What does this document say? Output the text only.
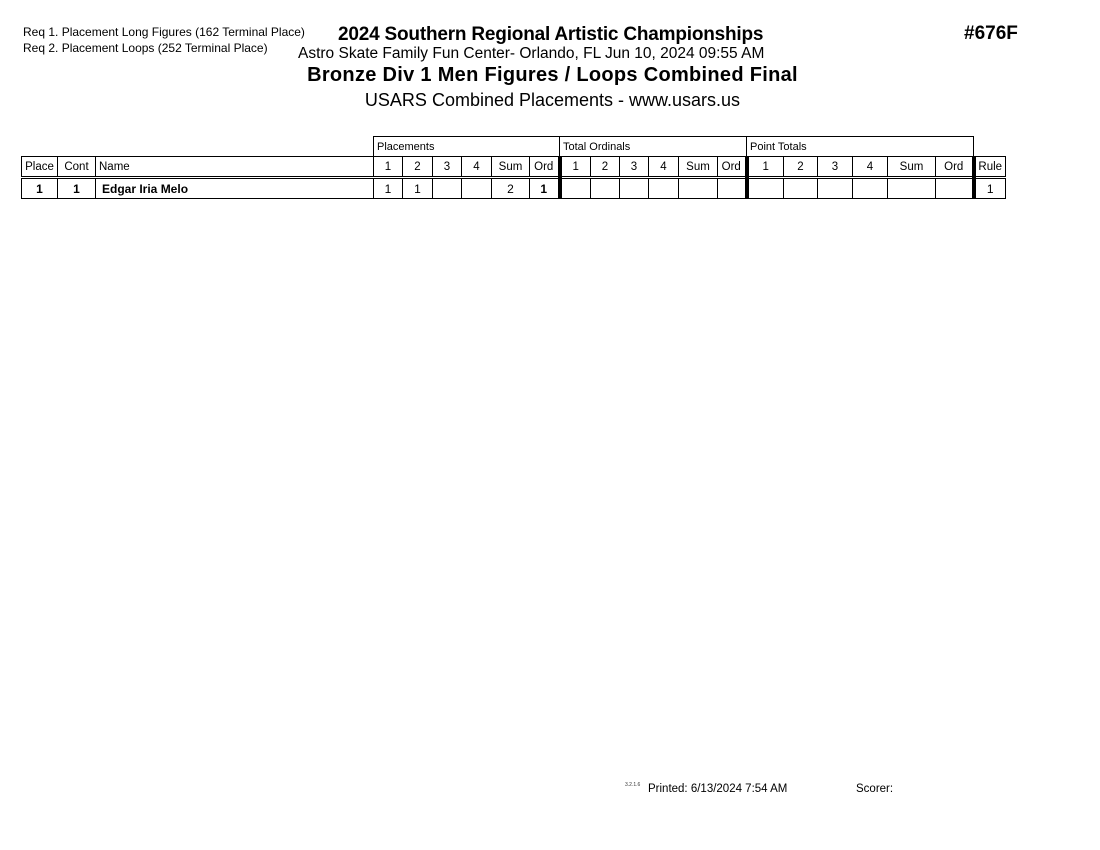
Req 1. Placement Long Figures (162 Terminal Place)
Req 2. Placement Loops (252 Terminal Place)
2024 Southern Regional Artistic Championships
Astro Skate Family Fun Center- Orlando, FL Jun 10, 2024 09:55 AM
Bronze Div 1 Men Figures / Loops Combined Final
USARS Combined Placements - www.usars.us
#676F
			Placements						Total Ordinals						Point Totals						
Place	Cont	Name	1	2	3	4	Sum	Ord	1	2	3	4	Sum	Ord	1	2	3	4	Sum	Ord	Rule
1	1	Edgar Iria Melo	1	1			2	1													1
3.2.1.6 Printed: 6/13/2024 7:54 AM	Scorer:
